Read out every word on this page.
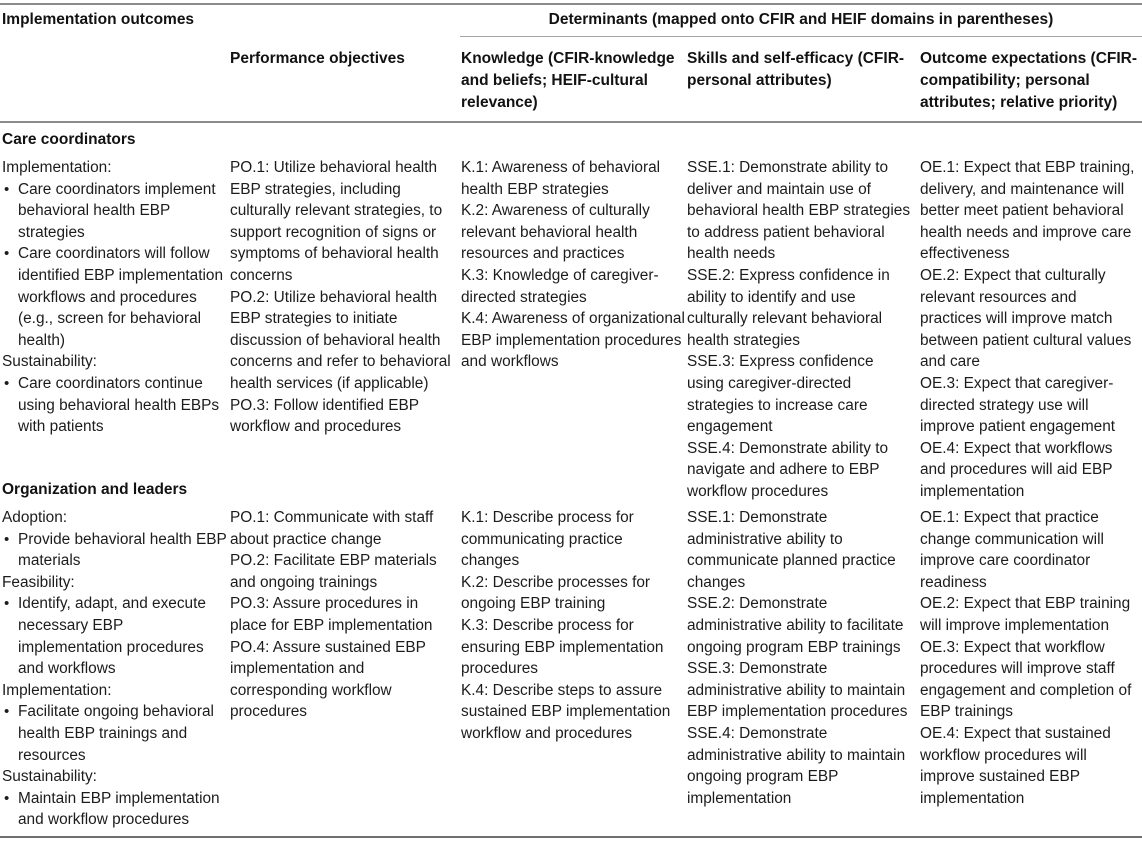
Implementation outcomes	Determinants (mapped onto CFIR and HEIF domains in parentheses)
Performance objectives	Knowledge (CFIR-knowledge and beliefs; HEIF-cultural relevance)
Skills and self-efficacy (CFIR-personal attributes)
Outcome expectations (CFIR-compatibility; personal attributes; relative priority)
Care coordinators
Implementation:
• Care coordinators implement behavioral health EBP strategies
• Care coordinators will follow identified EBP implementation workflows and procedures (e.g., screen for behavioral health)
Sustainability:
• Care coordinators continue using behavioral health EBPs with patients
PO.1: Utilize behavioral health EBP strategies, including culturally relevant strategies, to support recognition of signs or symptoms of behavioral health concerns
PO.2: Utilize behavioral health EBP strategies to initiate discussion of behavioral health concerns and refer to behavioral health services (if applicable)
PO.3: Follow identified EBP workflow and procedures
K.1: Awareness of behavioral health EBP strategies
K.2: Awareness of culturally relevant behavioral health resources and practices
K.3: Knowledge of caregiver-directed strategies
K.4: Awareness of organizational EBP implementation procedures and workflows
SSE.1: Demonstrate ability to deliver and maintain use of behavioral health EBP strategies to address patient behavioral health needs
SSE.2: Express confidence in ability to identify and use culturally relevant behavioral health strategies
SSE.3: Express confidence using caregiver-directed strategies to increase care engagement
SSE.4: Demonstrate ability to navigate and adhere to EBP workflow procedures
OE.1: Expect that EBP training, delivery, and maintenance will better meet patient behavioral health needs and improve care effectiveness
OE.2: Expect that culturally relevant resources and practices will improve match between patient cultural values and care
OE.3: Expect that caregiver-directed strategy use will improve patient engagement
OE.4: Expect that workflows and procedures will aid EBP implementation
Organization and leaders
Adoption:
• Provide behavioral health EBP materials
Feasibility:
• Identify, adapt, and execute necessary EBP implementation procedures and workflows
Implementation:
• Facilitate ongoing behavioral health EBP trainings and resources
Sustainability:
• Maintain EBP implementation and workflow procedures
PO.1: Communicate with staff about practice change
PO.2: Facilitate EBP materials and ongoing trainings
PO.3: Assure procedures in place for EBP implementation
PO.4: Assure sustained EBP implementation and corresponding workflow procedures
K.1: Describe process for communicating practice changes
K.2: Describe processes for ongoing EBP training
K.3: Describe process for ensuring EBP implementation procedures
K.4: Describe steps to assure sustained EBP implementation workflow and procedures
SSE.1: Demonstrate administrative ability to communicate planned practice changes
SSE.2: Demonstrate administrative ability to facilitate ongoing program EBP trainings
SSE.3: Demonstrate administrative ability to maintain EBP implementation procedures
SSE.4: Demonstrate administrative ability to maintain ongoing program EBP implementation
OE.1: Expect that practice change communication will improve care coordinator readiness
OE.2: Expect that EBP training will improve implementation
OE.3: Expect that workflow procedures will improve staff engagement and completion of EBP trainings
OE.4: Expect that sustained workflow procedures will improve sustained EBP implementation
